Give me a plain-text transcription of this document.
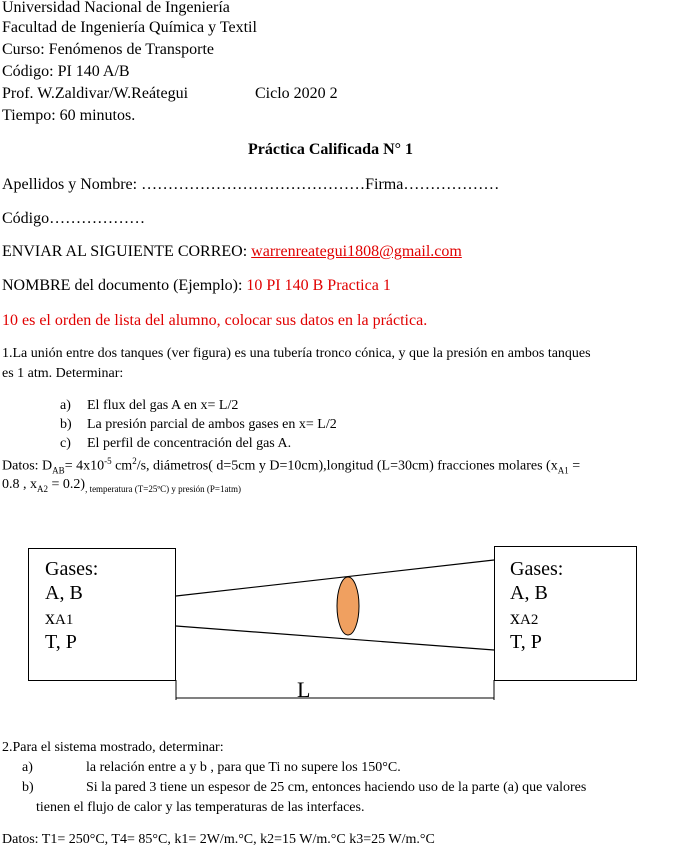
Universidad Nacional de Ingeniería
Facultad de Ingeniería Química y Textil
Curso: Fenómenos de Transporte
Código: PI 140 A/B
Prof. W.Zaldivar/W.Reátegui	Ciclo 2020 2
Tiempo: 60 minutos.
Práctica Calificada N° 1
Apellidos y Nombre: ……………………………………Firma………………
Código………………
ENVIAR AL SIGUIENTE CORREO: warrenreategui1808@gmail.com
NOMBRE del documento (Ejemplo): 10 PI 140 B Practica 1
10 es el orden de lista del alumno, colocar sus datos en la práctica.
1.La unión entre dos tanques (ver figura) es una tubería tronco cónica, y que la presión en ambos tanques
es 1 atm. Determinar:
a) El flux del gas A en x= L/2
b) La presión parcial de ambos gases en x= L/2
c) El perfil de concentración del gas A.
Datos: $D_{AB}= 4x10^{-5}$ $cm^2/s$, diámetros( d=5cm y D=10cm),longitud (L=30cm) fracciones molares ($x_{A1}$ =
0.8 , $x_{A2} = 0.2)_{, temperatura (T=25ºC) y presión (P=1atm)}$
Gases:
A, B
xA1
T, P
Gases:
A, B
xA2
T, P
L
2.Para el sistema mostrado, determinar:
a)	la relación entre a y b , para que Ti no supere los 150°C.
b)	Si la pared 3 tiene un espesor de 25 cm, entonces haciendo uso de la parte (a) que valores
tienen el flujo de calor y las temperaturas de las interfaces.
Datos: T1= 250°C, T4= 85°C, k1= 2W/m.°C, k2=15 W/m.°C k3=25 W/m.°C
